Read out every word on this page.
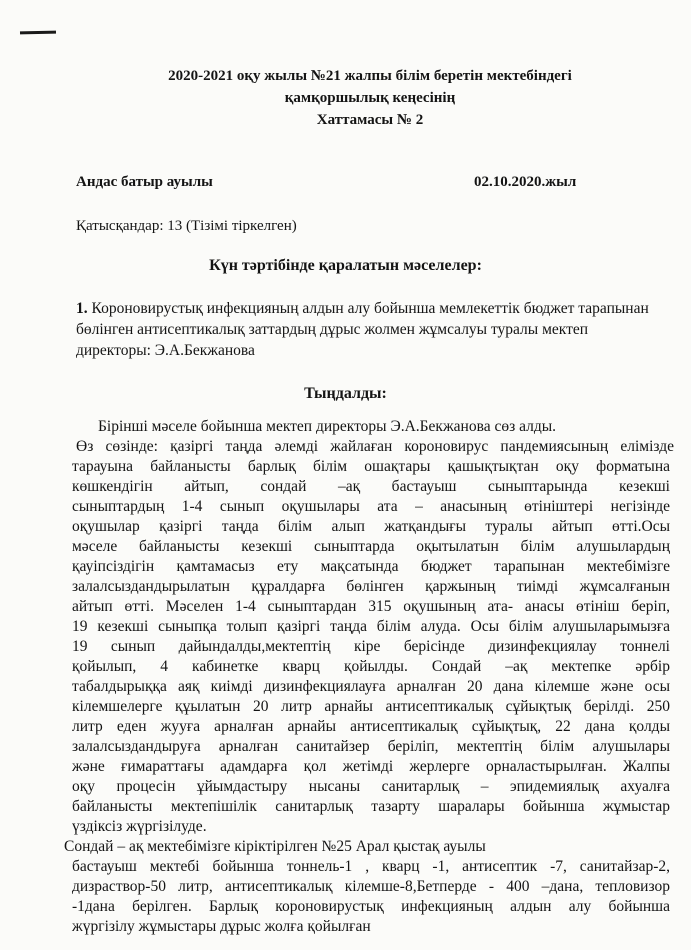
2020-2021 оқу жылы №21 жалпы білім беретін мектебіндегі
қамқоршылық кеңесінің
Хаттамасы № 2
Андас батыр ауылы	02.10.2020.жыл
Қатысқандар: 13 (Тізімі тіркелген)
Күн тәртібінде қаралатын мәселелер:
1. Короновирустық инфекцияның алдын алу бойынша мемлекеттік бюджет тарапынан бөлінген антисептикалық заттардың дұрыс жолмен жұмсалуы туралы мектеп директоры: Э.А.Бекжанова
Тыңдалды:
Бірінші мәселе бойынша мектеп директоры Э.А.Бекжанова сөз алды.
Өз сөзінде: қазіргі таңда әлемді жайлаған короновирус пандемиясының елімізде
тарауына байланысты барлық білім ошақтары қашықтықтан оқу форматына
көшкендігін айтып, сондай –ақ бастауыш сыныптарында кезекші
сыныптардың 1-4 сынып оқушылары ата – анасының өтініштері негізінде
оқушылар қазіргі таңда білім алып жатқандығы туралы айтып өтті.Осы
мәселе байланысты кезекші сыныптарда оқытылатын білім алушылардың
қауіпсіздігін қамтамасыз ету мақсатында бюджет тарапынан мектебімізге
залалсыздандырылатын құралдарға бөлінген қаржының тиімді жұмсалғанын
айтып өтті. Мәселен 1-4 сыныптардан 315 оқушының ата- анасы өтініш беріп,
19 кезекші сыныпқа толып қазіргі таңда білім алуда. Осы білім алушыларымызға
19 сынып дайындалды,мектептің кіре берісінде дизинфекциялау тоннелі
қойылып, 4 кабинетке кварц қойылды. Сондай –ақ мектепке әрбір
табалдырыққа аяқ киімді дизинфекциялауға арналған 20 дана кілемше және осы
кілемшелерге құылатын 20 литр арнайы антисептикалық сұйықтық берілді. 250
литр еден жууға арналған арнайы антисептикалық сұйықтық, 22 дана қолды
залалсыздандыруға арналған санитайзер беріліп, мектептің білім алушылары
және ғимараттағы адамдарға қол жетімді жерлерге орналастырылған. Жалпы
оқу процесін ұйымдастыру нысаны санитарлық – эпидемиялық ахуалға
байланысты мектепішілік санитарлық тазарту шаралары бойынша жұмыстар
үздіксіз жүргізілуде.
Сондай – ақ мектебімізге кіріктірілген №25 Арал қыстақ ауылы
бастауыш мектебі бойынша тоннель-1 , кварц -1, антисептик -7, санитайзар-2,
дизраствор-50 литр, антисептикалық кілемше-8,Бетперде - 400 –дана, тепловизор
-1дана берілген. Барлық короновирустық инфекцияның алдын алу бойынша
жүргізілу жұмыстары дұрыс жолға қойылған
